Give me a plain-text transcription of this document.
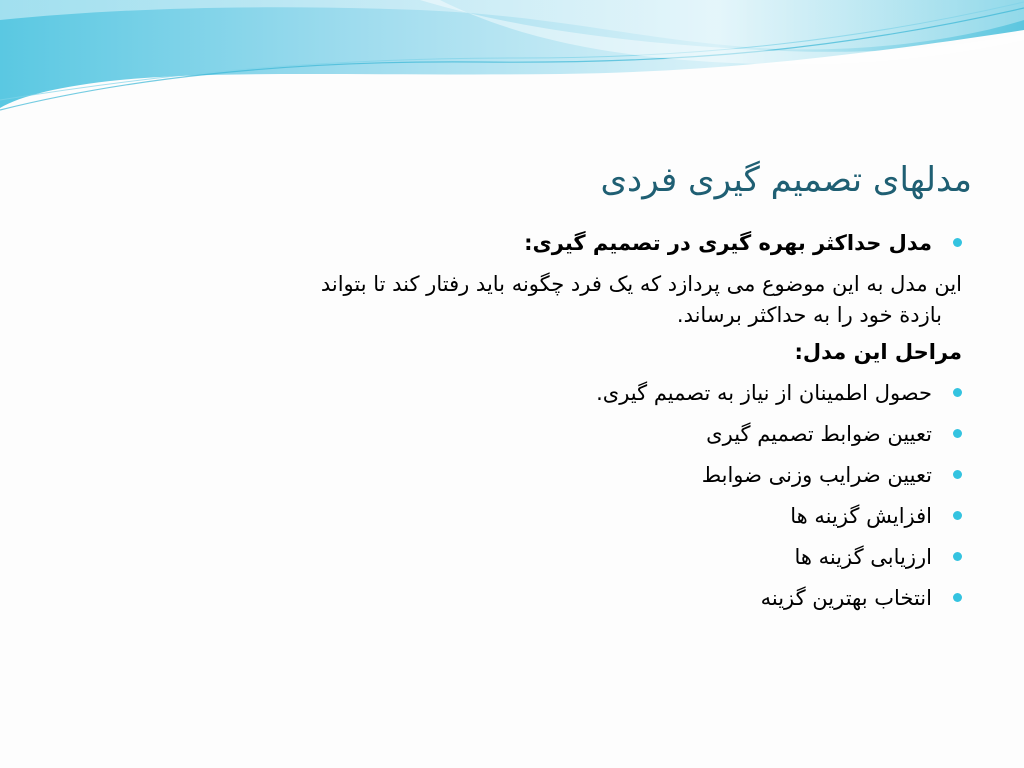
مدلهای تصمیم گیری فردی
مدل حداکثر بهره گیری در تصمیم گیری:
این مدل به این موضوع می پردازد که یک فرد چگونه باید رفتار کند تا بتواند
بازدة خود را به حداکثر برساند.
مراحل این مدل:
حصول اطمینان از نیاز به تصمیم گیری.
تعیین ضوابط تصمیم گیری
تعیین ضرایب وزنی ضوابط
افزایش گزینه ها
ارزیابی گزینه ها
انتخاب بهترین گزینه
